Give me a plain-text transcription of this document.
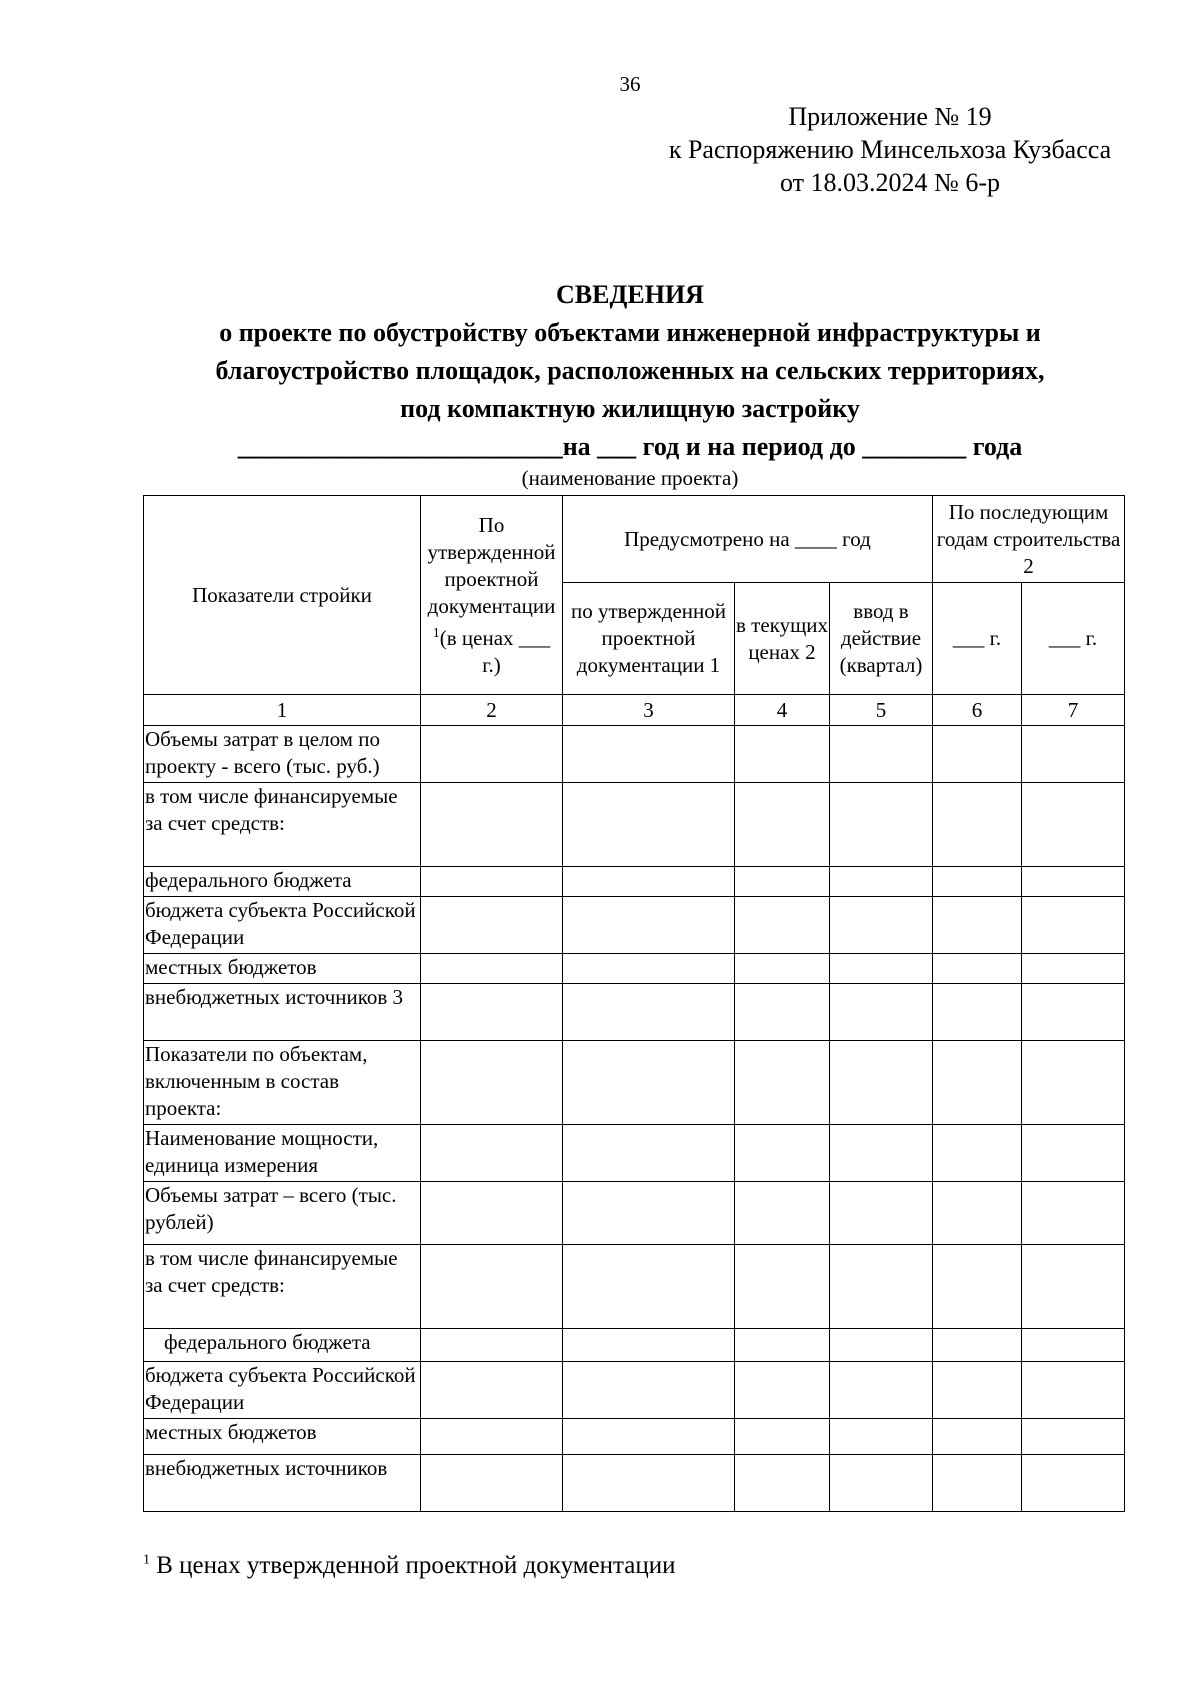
36
Приложение № 19
к Распоряжению Минсельхоза Кузбасса
от 18.03.2024 № 6-р
СВЕДЕНИЯ
о проекте по обустройству объектами инженерной инфраструктуры и
благоустройство площадок, расположенных на сельских территориях,
под компактную жилищную застройку
_________________________на ___ год и на период до ________ года
(наименование проекта)
Показатели стройки	По утвержденной проектной документации $^1$(в ценах ___ г.)	Предусмотрено на ____ год			По последующим годам строительства 2	
		по утвержденной проектной документации 1	в текущих ценах 2	ввод в действие (квартал)	___ г.	___ г.
1	2	3	4	5	6	7
Объемы затрат в целом по проекту - всего (тыс. руб.)						
в том числе финансируемые за счет средств:						
федерального бюджета						
бюджета субъекта Российской Федерации						
местных бюджетов						
внебюджетных источников 3						
Показатели по объектам, включенным в состав проекта:						
Наименование мощности, единица измерения						
Объемы затрат – всего (тыс. рублей)						
в том числе финансируемые за счет средств:						
федерального бюджета						
бюджета субъекта Российской Федерации						
местных бюджетов						
внебюджетных источников						
$^1$ В ценах утвержденной проектной документации
